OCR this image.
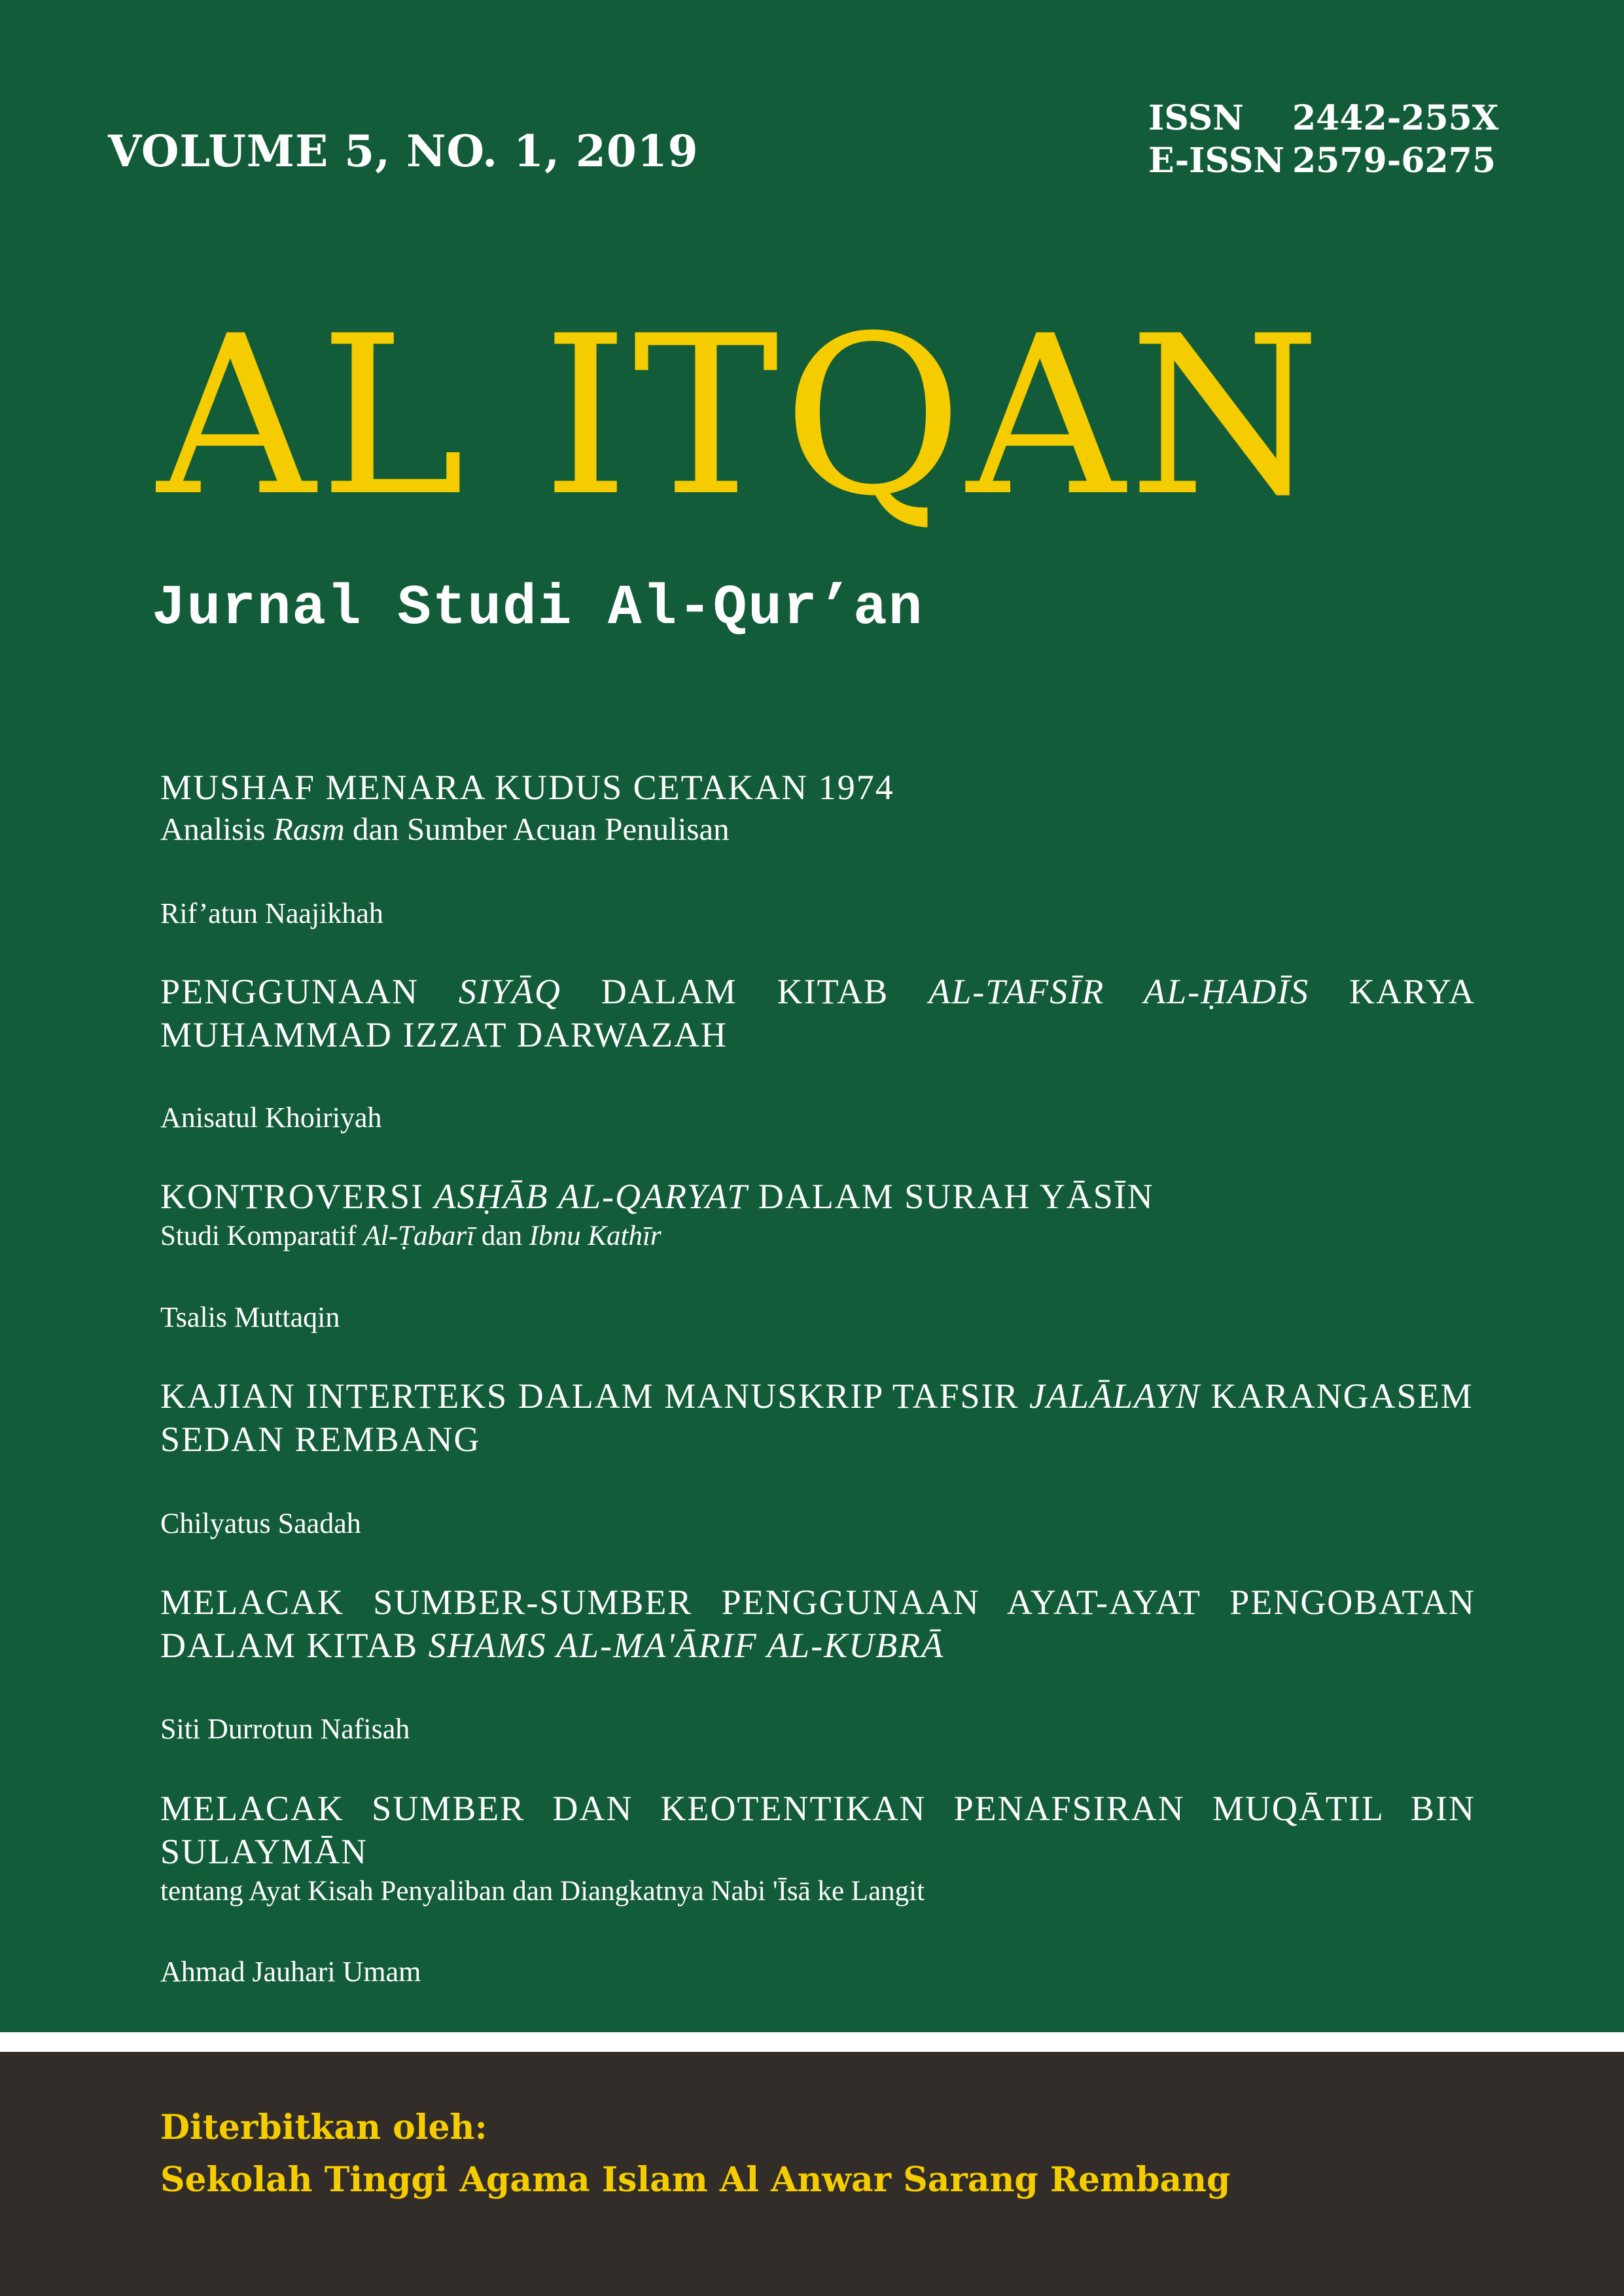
VOLUME 5, NO. 1, 2019

ISSN 2442-255X
E-ISSN 2579-6275

AL ITQAN

Jurnal Studi Al-Qur’an

MUSHAF MENARA KUDUS CETAKAN 1974

Analisis Rasm dan Sumber Acuan Penulisan

Rif’atun Naajikhah

PENGGUNAAN SIYĀQ DALAM KITAB AL-TAFSĪR AL-ḤADĪS KARYA

MUHAMMAD IZZAT DARWAZAH

Anisatul Khoiriyah

KONTROVERSI ASḤĀB AL-QARYAT DALAM SURAH YĀSĪN

Studi Komparatif Al-Ṭabarī dan Ibnu Kathīr

Tsalis Muttaqin

KAJIAN INTERTEKS DALAM MANUSKRIP TAFSIR JALĀLAYN KARANGASEM

SEDAN REMBANG

Chilyatus Saadah

MELACAK SUMBER-SUMBER PENGGUNAAN AYAT-AYAT PENGOBATAN

DALAM KITAB SHAMS AL-MA'ĀRIF AL-KUBRĀ

Siti Durrotun Nafisah

MELACAK SUMBER DAN KEOTENTIKAN PENAFSIRAN MUQĀTIL BIN

SULAYMĀN

tentang Ayat Kisah Penyaliban dan Diangkatnya Nabi 'Īsā ke Langit

Ahmad Jauhari Umam

Diterbitkan oleh:

Sekolah Tinggi Agama Islam Al Anwar Sarang Rembang
